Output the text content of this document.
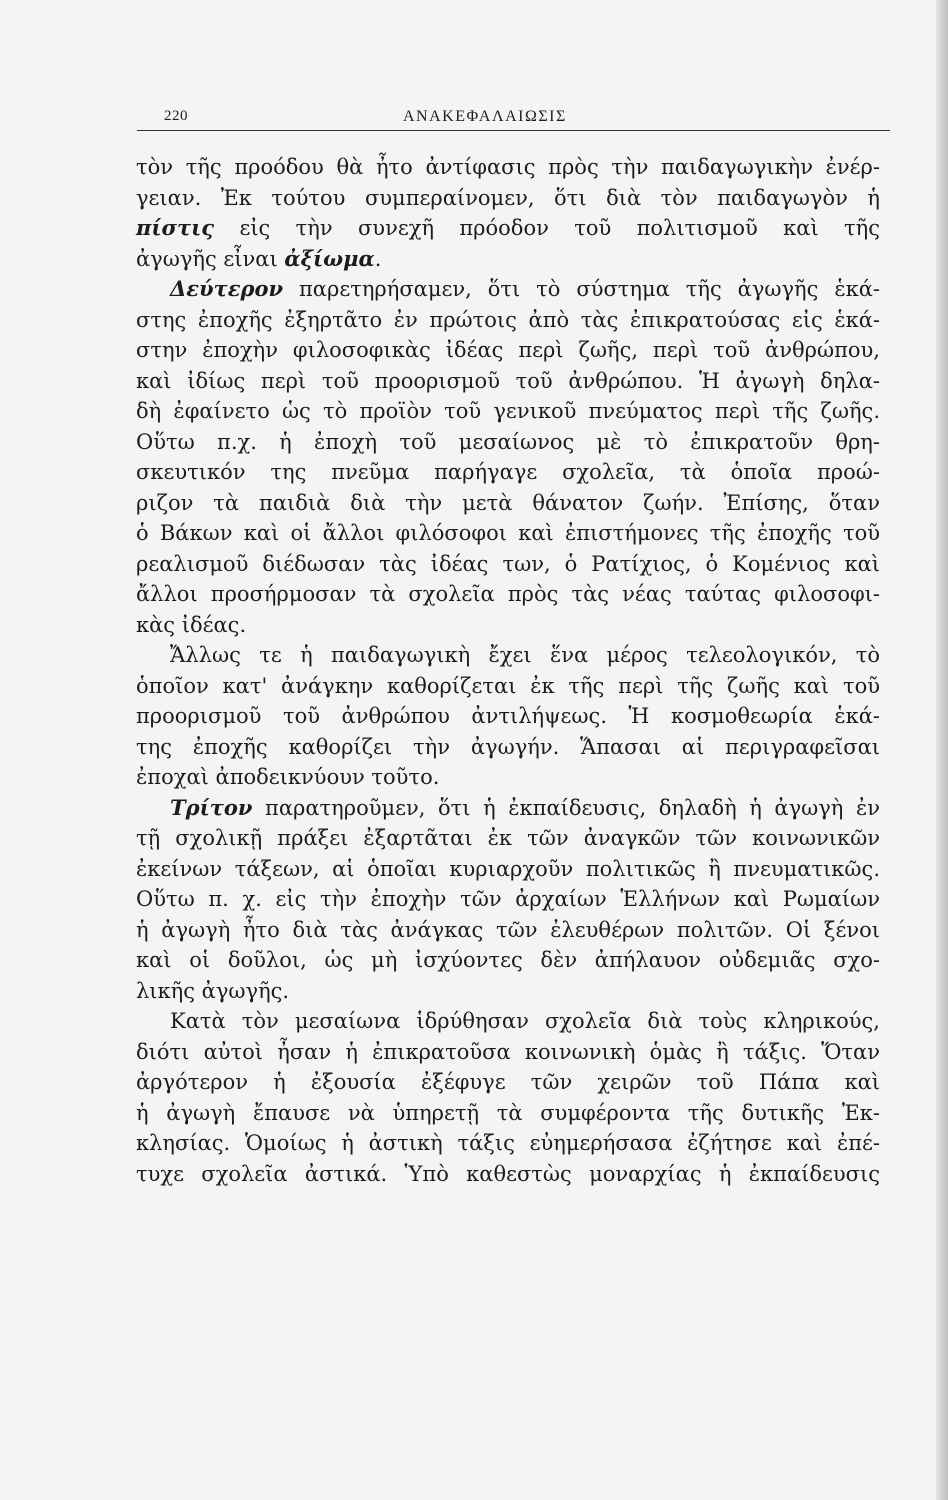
220	ΑΝΑΚΕΦΑΛΑΙΩΣΙΣ
τὸν τῆς προόδου θὰ ἦτο ἀντίφασις πρὸς τὴν παιδαγωγικὴν ἐνέρ-
γειαν. Ἐκ τούτου συμπεραίνομεν, ὅτι διὰ τὸν παιδαγωγὸν ἡ
πίστις εἰς τὴν συνεχῆ πρόοδον τοῦ πολιτισμοῦ καὶ τῆς
ἀγωγῆς εἶναι ἀξίωμα.
Δεύτερον παρετηρήσαμεν, ὅτι τὸ σύστημα τῆς ἀγωγῆς ἑκά-
στης ἐποχῆς ἐξηρτᾶτο ἐν πρώτοις ἀπὸ τὰς ἐπικρατούσας εἰς ἑκά-
στην ἐποχὴν φιλοσοφικὰς ἰδέας περὶ ζωῆς, περὶ τοῦ ἀνθρώπου,
καὶ ἰδίως περὶ τοῦ προορισμοῦ τοῦ ἀνθρώπου. Ἡ ἀγωγὴ δηλα-
δὴ ἐφαίνετο ὡς τὸ προϊὸν τοῦ γενικοῦ πνεύματος περὶ τῆς ζωῆς.
Οὕτω π.χ. ἡ ἐποχὴ τοῦ μεσαίωνος μὲ τὸ ἐπικρατοῦν θρη-
σκευτικόν της πνεῦμα παρήγαγε σχολεῖα, τὰ ὁποῖα προώ-
ριζον τὰ παιδιὰ διὰ τὴν μετὰ θάνατον ζωήν. Ἐπίσης, ὅταν
ὁ Βάκων καὶ οἱ ἄλλοι φιλόσοφοι καὶ ἐπιστήμονες τῆς ἐποχῆς τοῦ
ρεαλισμοῦ διέδωσαν τὰς ἰδέας των, ὁ Ρατίχιος, ὁ Κομένιος καὶ
ἄλλοι προσήρμοσαν τὰ σχολεῖα πρὸς τὰς νέας ταύτας φιλοσοφι-
κὰς ἰδέας.
Ἄλλως τε ἡ παιδαγωγικὴ ἔχει ἕνα μέρος τελεολογικόν, τὸ
ὁποῖον κατ' ἀνάγκην καθορίζεται ἐκ τῆς περὶ τῆς ζωῆς καὶ τοῦ
προορισμοῦ τοῦ ἀνθρώπου ἀντιλήψεως. Ἡ κοσμοθεωρία ἑκά-
της ἐποχῆς καθορίζει τὴν ἀγωγήν. Ἅπασαι αἱ περιγραφεῖσαι
ἐποχαὶ ἀποδεικνύουν τοῦτο.
Τρίτον παρατηροῦμεν, ὅτι ἡ ἐκπαίδευσις, δηλαδὴ ἡ ἀγωγὴ ἐν
τῇ σχολικῇ πράξει ἐξαρτᾶται ἐκ τῶν ἀναγκῶν τῶν κοινωνικῶν
ἐκείνων τάξεων, αἱ ὁποῖαι κυριαρχοῦν πολιτικῶς ἢ πνευματικῶς.
Οὕτω π. χ. εἰς τὴν ἐποχὴν τῶν ἀρχαίων Ἑλλήνων καὶ Ρωμαίων
ἡ ἀγωγὴ ἦτο διὰ τὰς ἀνάγκας τῶν ἐλευθέρων πολιτῶν. Οἱ ξένοι
καὶ οἱ δοῦλοι, ὡς μὴ ἰσχύοντες δὲν ἀπήλαυον οὐδεμιᾶς σχο-
λικῆς ἀγωγῆς.
Κατὰ τὸν μεσαίωνα ἱδρύθησαν σχολεῖα διὰ τοὺς κληρικούς,
διότι αὐτοὶ ἦσαν ἡ ἐπικρατοῦσα κοινωνικὴ ὁμὰς ἢ τάξις. Ὅταν
ἀργότερον ἡ ἐξουσία ἐξέφυγε τῶν χειρῶν τοῦ Πάπα καὶ
ἡ ἀγωγὴ ἔπαυσε νὰ ὑπηρετῇ τὰ συμφέροντα τῆς δυτικῆς Ἐκ-
κλησίας. Ὁμοίως ἡ ἀστικὴ τάξις εὐημερήσασα ἐζήτησε καὶ ἐπέ-
τυχε σχολεῖα ἀστικά. Ὑπὸ καθεστὼς μοναρχίας ἡ ἐκπαίδευσις
